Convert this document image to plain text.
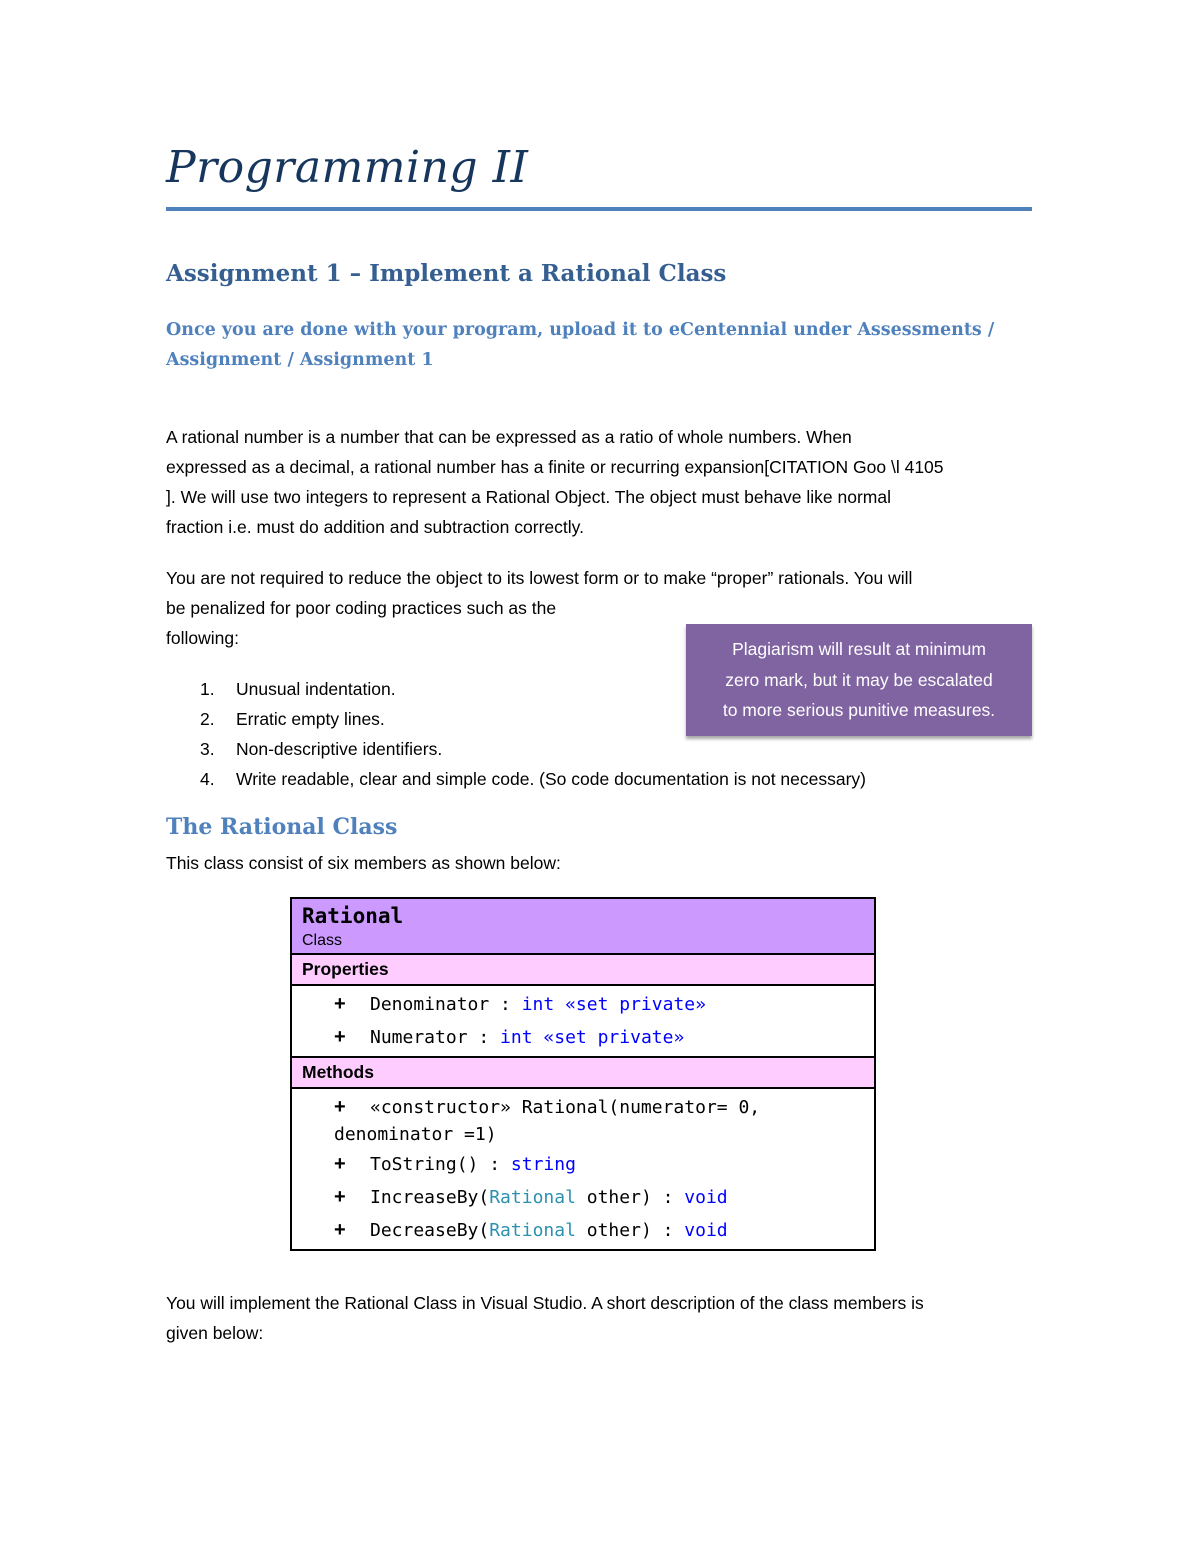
Programming II
Assignment 1 – Implement a Rational Class
Once you are done with your program, upload it to eCentennial under Assessments / Assignment / Assignment 1
A rational number is a number that can be expressed as a ratio of whole numbers. When
expressed as a decimal, a rational number has a finite or recurring expansion[CITATION Goo \l 4105
]. We will use two integers to represent a Rational Object. The object must behave like normal
fraction i.e. must do addition and subtraction correctly.
You are not required to reduce the object to its lowest form or to make “proper” rationals. You will
be penalized for poor coding practices such as the
following:
Plagiarism will result at minimum
zero mark, but it may be escalated
to more serious punitive measures.
1. Unusual indentation.
2. Erratic empty lines.
3. Non-descriptive identifiers.
4. Write readable, clear and simple code. (So code documentation is not necessary)
The Rational Class
This class consist of six members as shown below:
Rational
Class
Properties
+ Denominator : int «set private»
+ Numerator : int «set private»
Methods
+ «constructor» Rational(numerator= 0, denominator =1)
+ ToString() : string
+ IncreaseBy(Rational other) : void
+ DecreaseBy(Rational other) : void
You will implement the Rational Class in Visual Studio. A short description of the class members is
given below:
